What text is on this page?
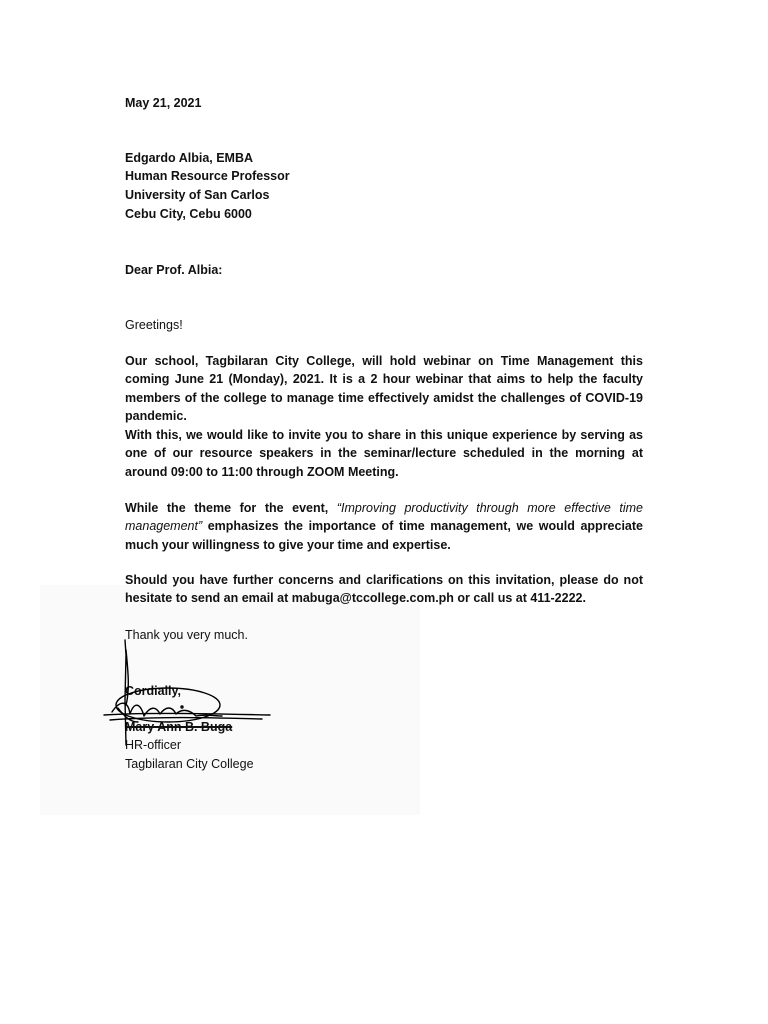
May 21, 2021
Edgardo Albia, EMBA
Human Resource Professor
University of San Carlos
Cebu City, Cebu 6000
Dear Prof. Albia:
Greetings!
Our school, Tagbilaran City College, will hold webinar on Time Management this coming June 21 (Monday), 2021. It is a 2 hour webinar that aims to help the faculty members of the college to manage time effectively amidst the challenges of COVID-19 pandemic.
With this, we would like to invite you to share in this unique experience by serving as one of our resource speakers in the seminar/lecture scheduled in the morning at around 09:00 to 11:00 through ZOOM Meeting.
While the theme for the event, “Improving productivity through more effective time management” emphasizes the importance of time management, we would appreciate much your willingness to give your time and expertise.
Should you have further concerns and clarifications on this invitation, please do not hesitate to send an email at mabuga@tccollege.com.ph or call us at 411-2222.
Thank you very much.
Cordially,
Mary Ann B. Buga
HR-officer
Tagbilaran City College
